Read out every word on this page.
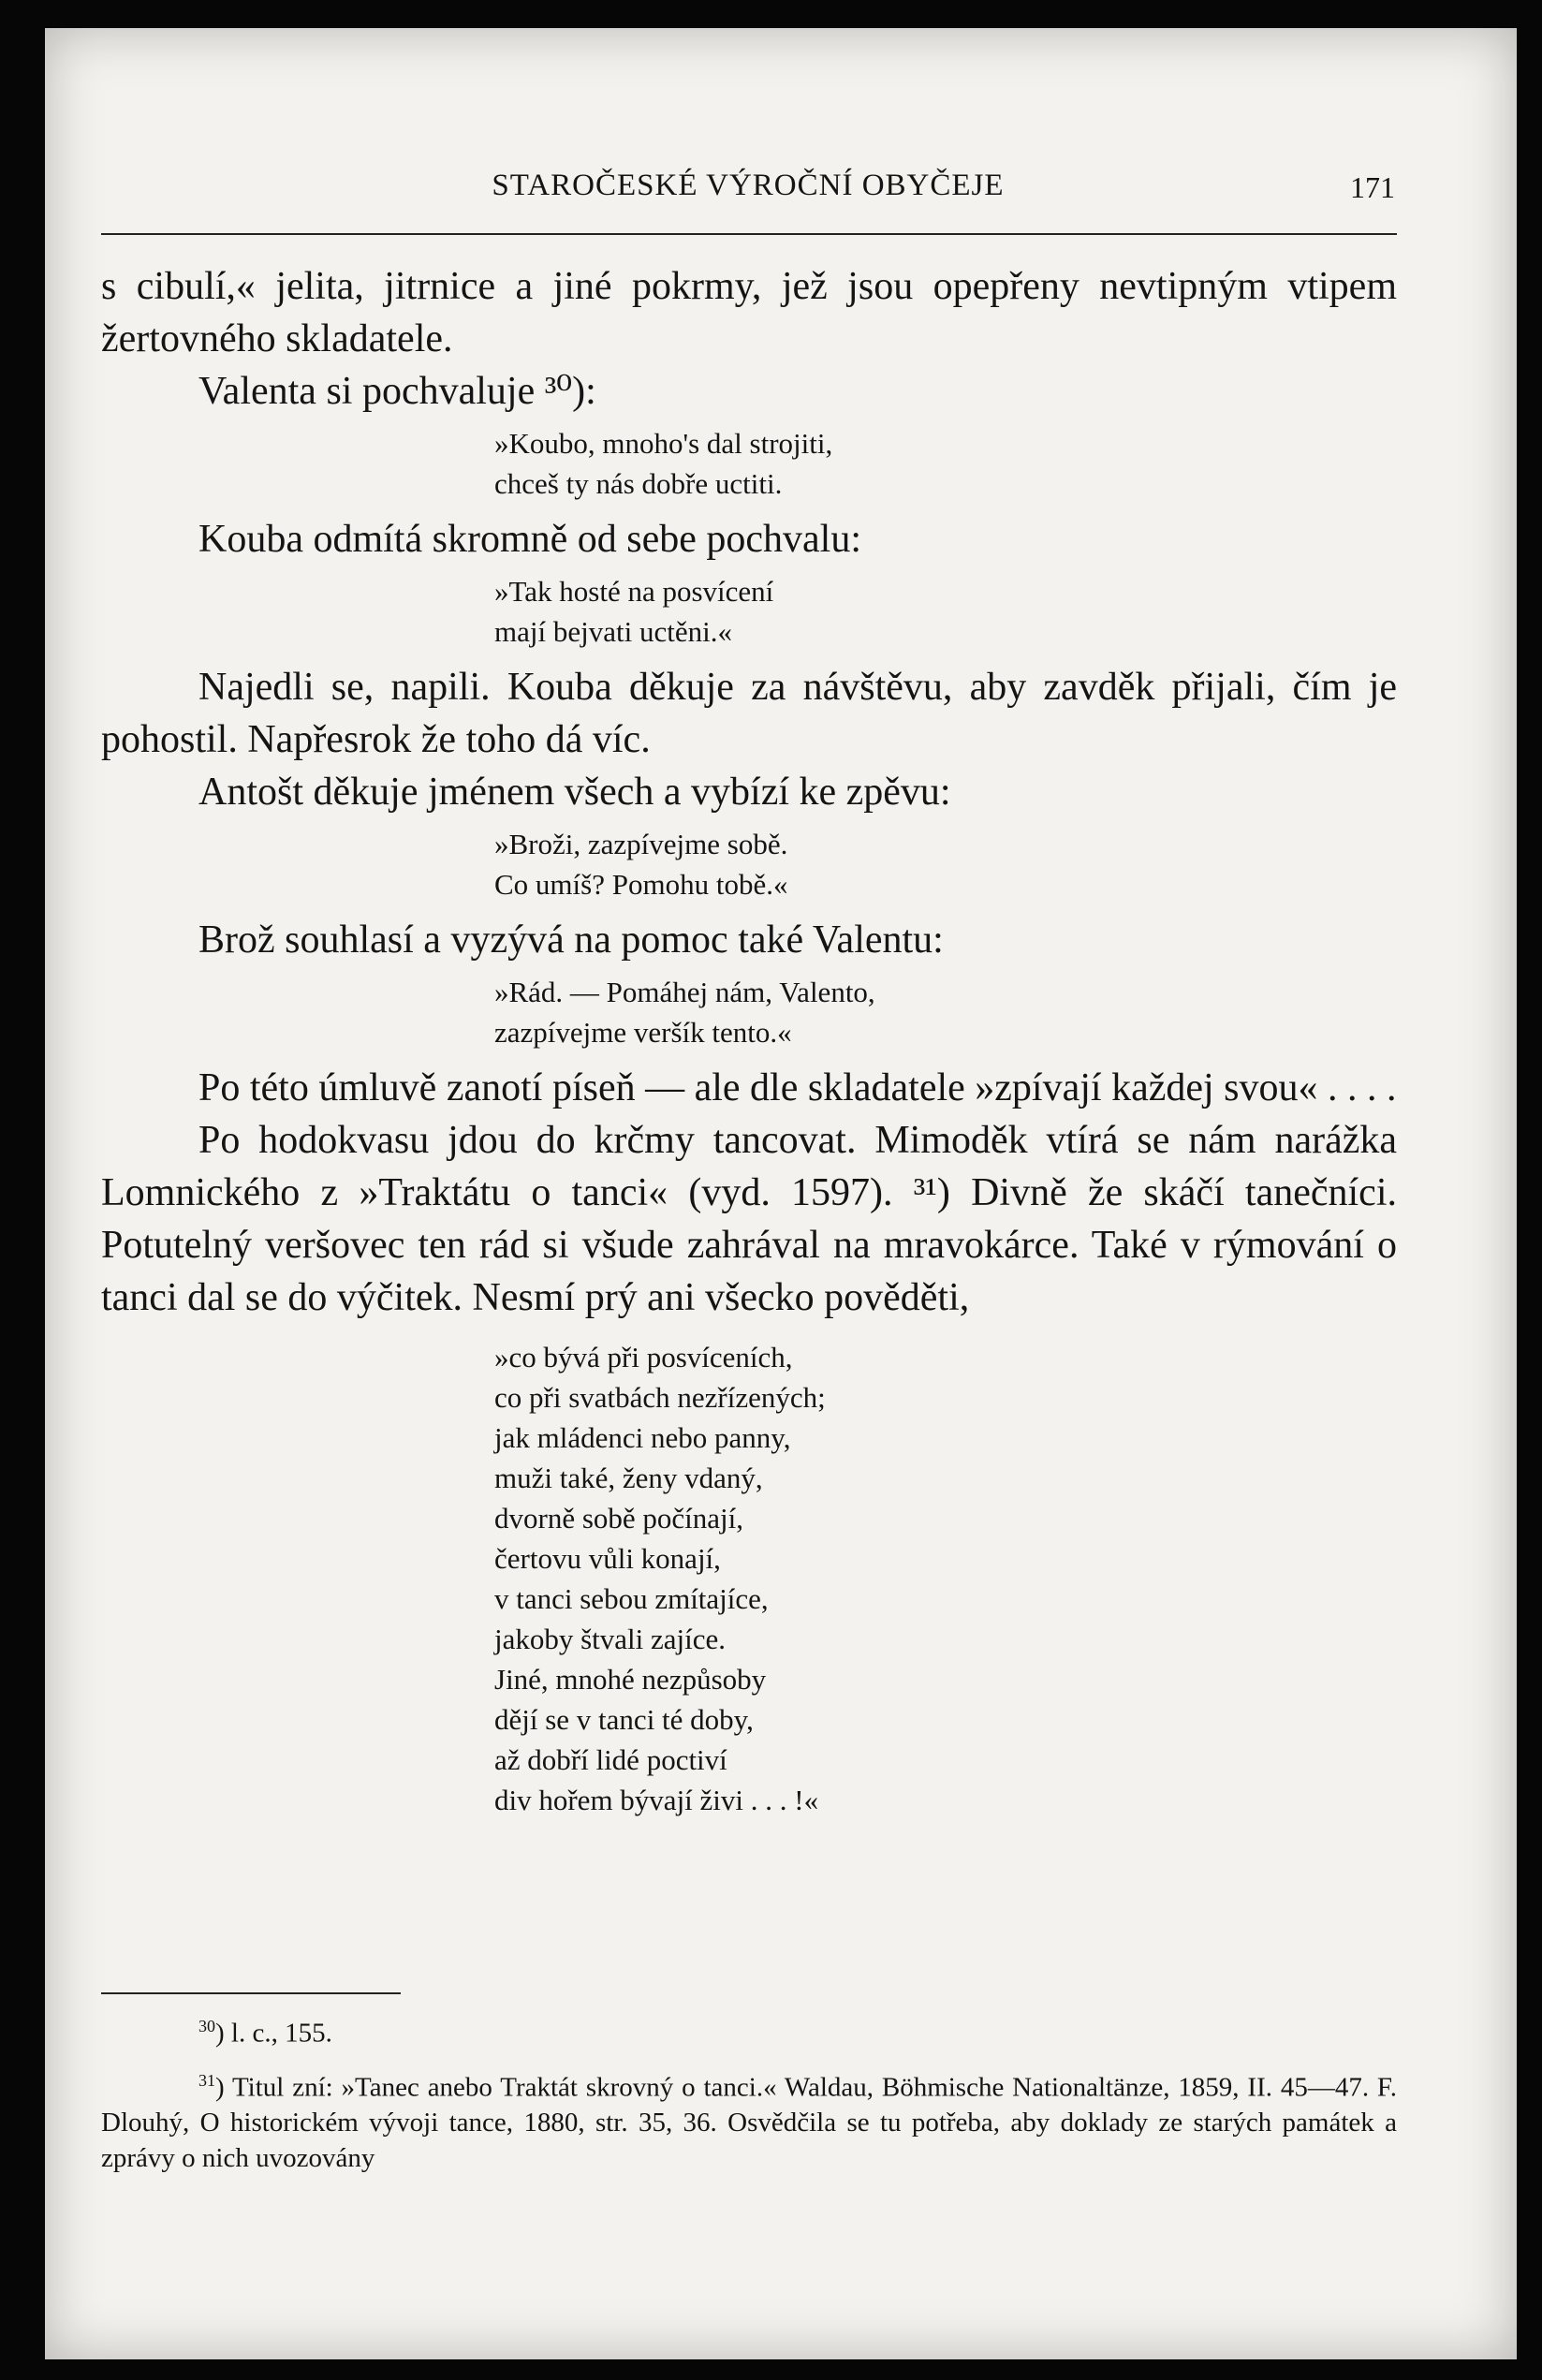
STAROČESKÉ VÝROČNÍ OBYČEJE	171

s cibulí,« jelita, jitrnice a jiné pokrmy, jež jsou opepřeny nevtipným vtipem žertovného skladatele.

Valenta si pochvaluje ³⁰):

»Koubo, mnoho's dal strojiti,
chceš ty nás dobře uctiti.

Kouba odmítá skromně od sebe pochvalu:

»Tak hosté na posvícení
mají bejvati uctěni.«

Najedli se, napili. Kouba děkuje za návštěvu, aby zavděk přijali, čím je pohostil. Napřesrok že toho dá víc.

Antošt děkuje jménem všech a vybízí ke zpěvu:

»Broži, zazpívejme sobě.
Co umíš? Pomohu tobě.«

Brož souhlasí a vyzývá na pomoc také Valentu:

»Rád. — Pomáhej nám, Valento,
zazpívejme veršík tento.«

Po této úmluvě zanotí píseň — ale dle skladatele »zpívají každej svou« . . . .

Po hodokvasu jdou do krčmy tancovat. Mimoděk vtírá se nám narážka Lomnického z »Traktátu o tanci« (vyd. 1597). ³¹) Divně že skáčí tanečníci. Potutelný veršovec ten rád si všude zahrával na mravokárce. Také v rýmování o tanci dal se do výčitek. Nesmí prý ani všecko pověděti,

»co bývá při posvíceních,
co při svatbách nezřízených;
jak mládenci nebo panny,
muži také, ženy vdaný,
dvorně sobě počínají,
čertovu vůli konají,
v tanci sebou zmítajíce,
jakoby štvali zajíce.
Jiné, mnohé nezpůsoby
dějí se v tanci té doby,
až dobří lidé poctiví
div hořem bývají živi . . . !«

$^{30}$) l. c., 155.

$^{31}$) Titul zní: »Tanec anebo Traktát skrovný o tanci.« Waldau, Böhmische Nationaltänze, 1859, II. 45—47. F. Dlouhý, O historickém vývoji tance, 1880, str. 35, 36. Osvědčila se tu potřeba, aby doklady ze starých památek a zprávy o nich uvozovány
